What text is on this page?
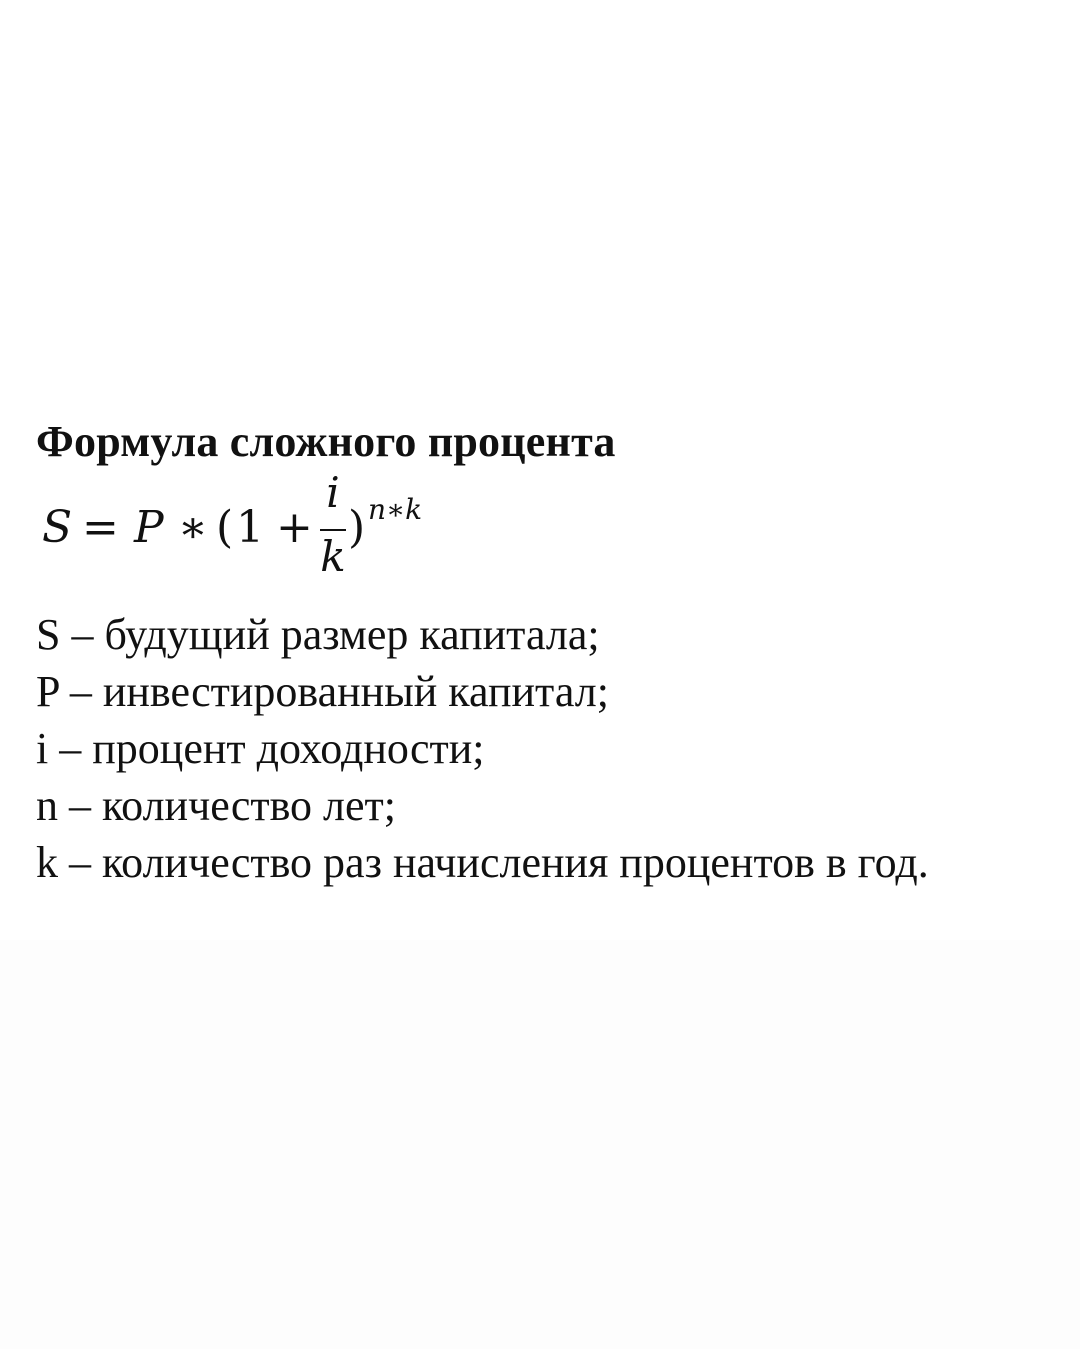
Формула сложного процента
S = P ∗ ( 1 +
i
k
) n∗k
S – будущий размер капитала;
P – инвестированный капитал;
i – процент доходности;
n – количество лет;
k – количество раз начисления процентов в год.
